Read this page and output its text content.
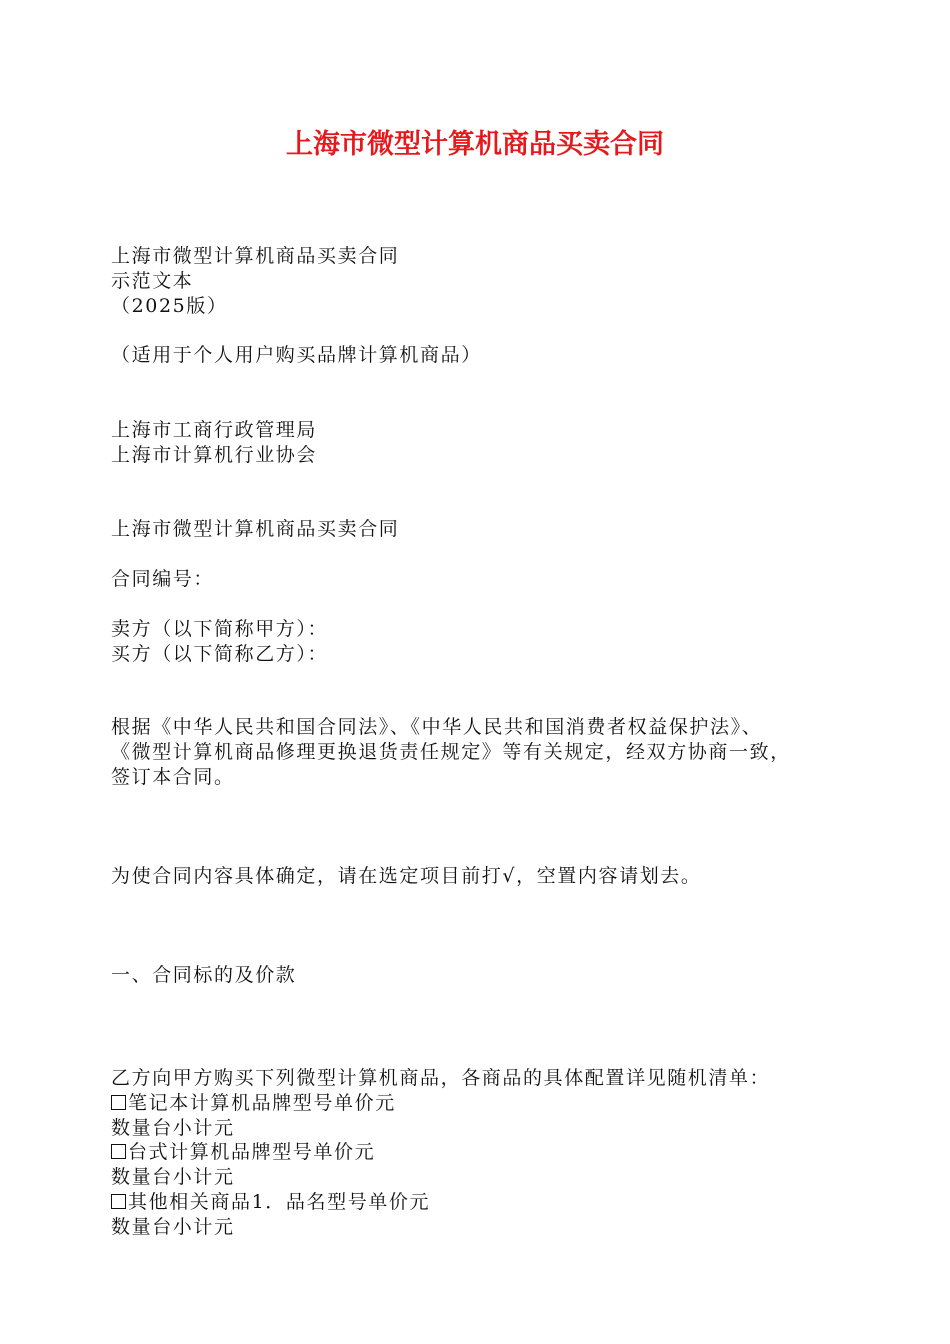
上海市微型计算机商品买卖合同
上海市微型计算机商品买卖合同
示范文本
（2025版）
（适用于个人用户购买品牌计算机商品）
上海市工商行政管理局
上海市计算机行业协会
上海市微型计算机商品买卖合同
合同编号：
卖方（以下简称甲方）：
买方（以下简称乙方）：
根据《中华人民共和国合同法》、《中华人民共和国消费者权益保护法》、
《微型计算机商品修理更换退货责任规定》等有关规定，经双方协商一致，
签订本合同。
为使合同内容具体确定，请在选定项目前打√，空置内容请划去。
一、合同标的及价款
乙方向甲方购买下列微型计算机商品，各商品的具体配置详见随机清单：
笔记本计算机品牌型号单价元
数量台小计元
台式计算机品牌型号单价元
数量台小计元
其他相关商品1．品名型号单价元
数量台小计元
